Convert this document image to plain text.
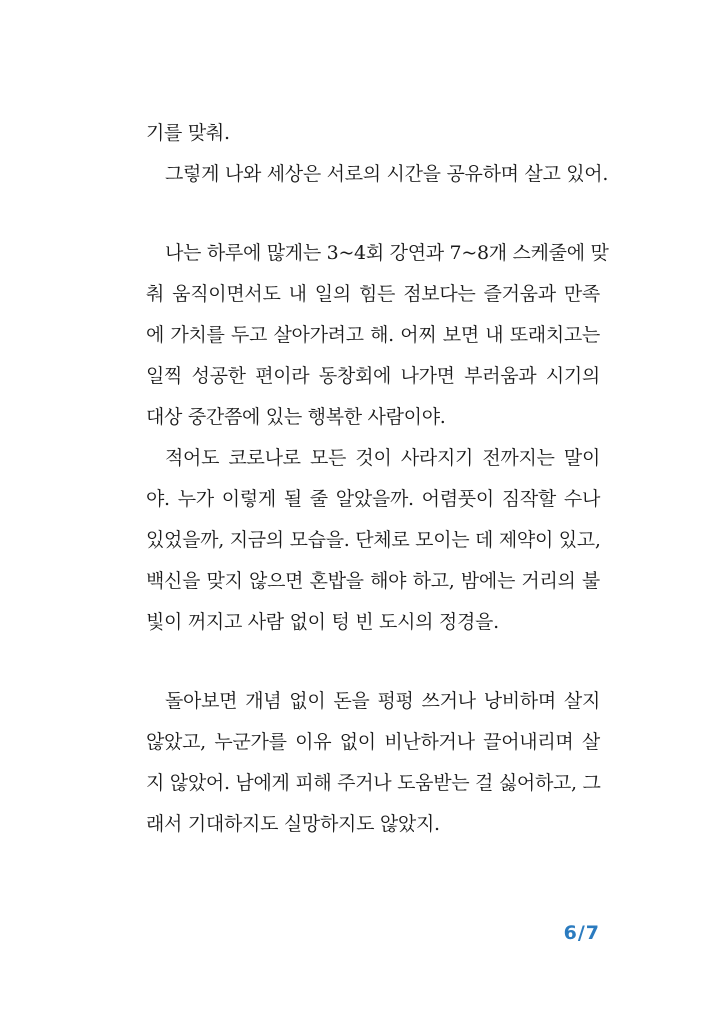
기를 맞춰.
그렇게 나와 세상은 서로의 시간을 공유하며 살고 있어.
나는 하루에 많게는 3~4회 강연과 7~8개 스케줄에 맞
춰 움직이면서도 내 일의 힘든 점보다는 즐거움과 만족
에 가치를 두고 살아가려고 해. 어찌 보면 내 또래치고는
일찍 성공한 편이라 동창회에 나가면 부러움과 시기의
대상 중간쯤에 있는 행복한 사람이야.
적어도 코로나로 모든 것이 사라지기 전까지는 말이
야. 누가 이렇게 될 줄 알았을까. 어렴풋이 짐작할 수나
있었을까, 지금의 모습을. 단체로 모이는 데 제약이 있고,
백신을 맞지 않으면 혼밥을 해야 하고, 밤에는 거리의 불
빛이 꺼지고 사람 없이 텅 빈 도시의 정경을.
돌아보면 개념 없이 돈을 펑펑 쓰거나 낭비하며 살지
않았고, 누군가를 이유 없이 비난하거나 끌어내리며 살
지 않았어. 남에게 피해 주거나 도움받는 걸 싫어하고, 그
래서 기대하지도 실망하지도 않았지.
6/7
